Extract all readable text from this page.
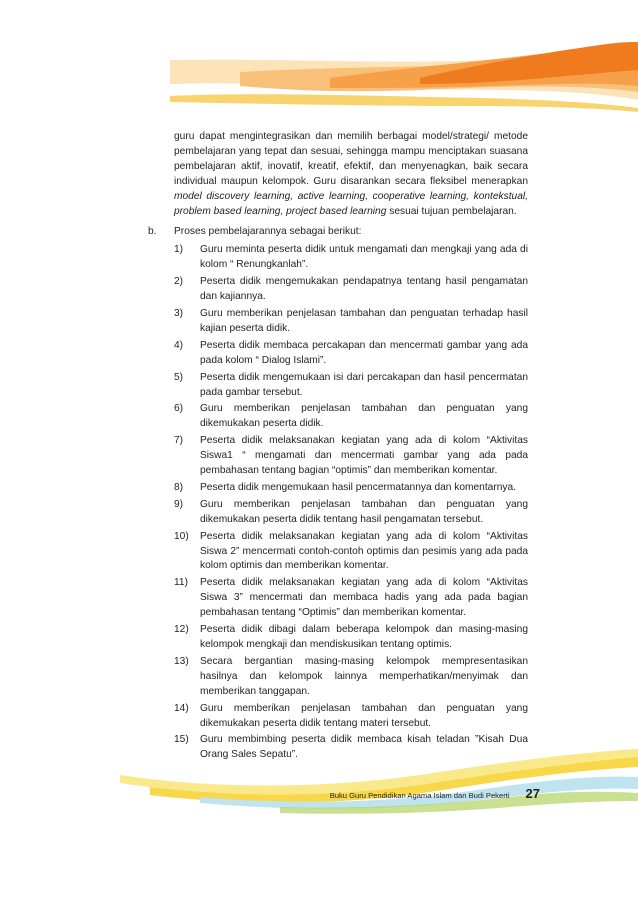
guru dapat mengintegrasikan dan memilih berbagai model/strategi/ metode pembelajaran yang tepat dan sesuai, sehingga mampu menciptakan suasana pembelajaran aktif, inovatif, kreatif, efektif, dan menyenagkan, baik secara individual maupun kelompok. Guru disarankan secara fleksibel menerapkan model discovery learning, active learning, cooperative learning, kontekstual, problem based learning, project based learning sesuai tujuan pembelajaran.

b.	Proses pembelajarannya sebagai berikut:
1)	Guru meminta peserta didik untuk mengamati dan mengkaji yang ada di kolom “ Renungkanlah”.
2)	Peserta didik mengemukakan pendapatnya tentang hasil pengamatan dan kajiannya.
3)	Guru memberikan penjelasan tambahan dan penguatan terhadap hasil kajian peserta didik.
4)	Peserta didik membaca percakapan dan mencermati gambar yang ada pada kolom “ Dialog Islami”.
5)	Peserta didik mengemukaan isi dari percakapan dan hasil pencermatan pada gambar tersebut.
6)	Guru memberikan penjelasan tambahan dan penguatan yang dikemukakan peserta didik.
7)	Peserta didik melaksanakan kegiatan yang ada di kolom “Aktivitas Siswa1 “ mengamati dan mencermati gambar yang ada pada pembahasan tentang bagian “optimis” dan memberikan komentar.
8)	Peserta didik mengemukaan hasil pencermatannya dan komentarnya.
9)	Guru memberikan penjelasan tambahan dan penguatan yang dikemukakan peserta didik tentang hasil pengamatan tersebut.
10)	Peserta didik melaksanakan kegiatan yang ada di kolom “Aktivitas Siswa 2” mencermati contoh-contoh optimis dan pesimis yang ada pada kolom optimis dan memberikan komentar.
11)	Peserta didik melaksanakan kegiatan yang ada di kolom “Aktivitas Siswa 3” mencermati dan membaca hadis yang ada pada bagian pembahasan tentang “Optimis” dan memberikan komentar.
12)	Peserta didik dibagi dalam beberapa kelompok dan masing-masing kelompok mengkaji dan mendiskusikan tentang optimis.
13)	Secara bergantian masing-masing kelompok mempresentasikan hasilnya dan kelompok lainnya memperhatikan/menyimak dan memberikan tanggapan.
14)	Guru memberikan penjelasan tambahan dan penguatan yang dikemukakan peserta didik tentang materi tersebut.
15)	Guru membimbing peserta didik membaca kisah teladan ”Kisah Dua Orang Sales Sepatu”.
Buku Guru Pendidikan Agama Islam dan Budi Pekerti 27
